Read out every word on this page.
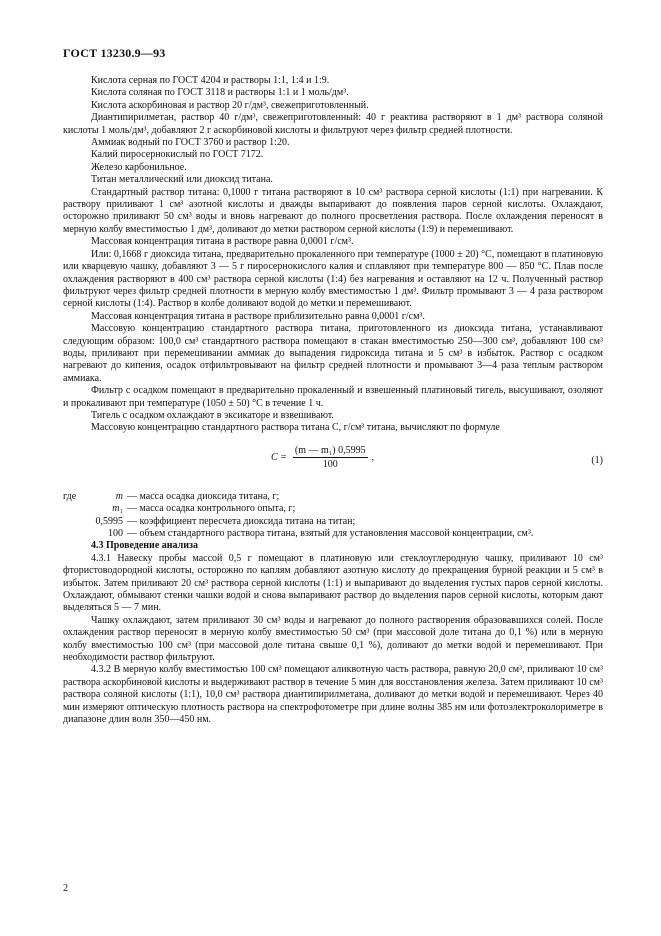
ГОСТ 13230.9—93

Кислота серная по ГОСТ 4204 и растворы 1:1, 1:4 и 1:9.

Кислота соляная по ГОСТ 3118 и растворы 1:1 и 1 моль/дм³.

Кислота аскорбиновая и раствор 20 г/дм³, свежеприготовленный.

Диантипирилметан, раствор 40 г/дм³, свежеприготовленный: 40 г реактива растворяют в 1 дм³ раствора соляной кислоты 1 моль/дм³, добавляют 2 г аскорбиновой кислоты и фильтруют через фильтр средней плотности.

Аммиак водный по ГОСТ 3760 и раствор 1:20.

Калий пиросернокислый по ГОСТ 7172.

Железо карбонильное.

Титан металлический или диоксид титана.

Стандартный раствор титана: 0,1000 г титана растворяют в 10 см³ раствора серной кислоты (1:1) при нагревании. К раствору приливают 1 см³ азотной кислоты и дважды выпаривают до появления паров серной кислоты. Охлаждают, осторожно приливают 50 см³ воды и вновь нагревают до полного просветления раствора. После охлаждения переносят в мерную колбу вместимостью 1 дм³, доливают до метки раствором серной кислоты (1:9) и перемешивают.

Массовая концентрация титана в растворе равна 0,0001 г/см³.

Или: 0,1668 г диоксида титана, предварительно прокаленного при температуре (1000 ± 20) °С, помещают в платиновую или кварцевую чашку, добавляют 3 — 5 г пиросернокислого калия и сплавляют при температуре 800 — 850 °С. Плав после охлаждения растворяют в 400 см³ раствора серной кислоты (1:4) без нагревания и оставляют на 12 ч. Полученный раствор фильтруют через фильтр средней плотности в мерную колбу вместимостью 1 дм³. Фильтр промывают 3 — 4 раза раствором серной кислоты (1:4). Раствор в колбе доливают водой до метки и перемешивают.

Массовая концентрация титана в растворе приблизительно равна 0,0001 г/см³.

Массовую концентрацию стандартного раствора титана, приготовленного из диоксида титана, устанавливают следующим образом: 100,0 см³ стандартного раствора помещают в стакан вместимостью 250—300 см³, добавляют 100 см³ воды, приливают при перемешивании аммиак до выпадения гидроксида титана и 5 см³ в избыток. Раствор с осадком нагревают до кипения, осадок отфильтровывают на фильтр средней плотности и промывают 3—4 раза теплым раствором аммиака.

Фильтр с осадком помещают в предварительно прокаленный и взвешенный платиновый тигель, высушивают, озоляют и прокаливают при температуре (1050 ± 50) °С в течение 1 ч.

Тигель с осадком охлаждают в эксикаторе и взвешивают.

Массовую концентрацию стандартного раствора титана C, г/см³ титана, вычисляют по формуле

$C = \frac{\text{(m — m₁) 0,5995}}{100}$ ,	(1)
где	m — масса осадка диоксида титана, г;
m₁ — масса осадка контрольного опыта, г;
0,5995 — коэффициент пересчета диоксида титана на титан;
100 — объем стандартного раствора титана, взятый для установления массовой концентрации, см³.

4.3 Проведение анализа

4.3.1 Навеску пробы массой 0,5 г помещают в платиновую или стеклоуглеродную чашку, приливают 10 см³ фтористоводородной кислоты, осторожно по каплям добавляют азотную кислоту до прекращения бурной реакции и 5 см³ в избыток. Затем приливают 20 см³ раствора серной кислоты (1:1) и выпаривают до выделения густых паров серной кислоты. Охлаждают, обмывают стенки чашки водой и снова выпаривают раствор до выделения паров серной кислоты, которым дают выделяться 5 — 7 мин.

Чашку охлаждают, затем приливают 30 см³ воды и нагревают до полного растворения образовавшихся солей. После охлаждения раствор переносят в мерную колбу вместимостью 50 см³ (при массовой доле титана до 0,1 %) или в мерную колбу вместимостью 100 см³ (при массовой доле титана свыше 0,1 %), доливают до метки водой и перемешивают. При необходимости раствор фильтруют.

4.3.2 В мерную колбу вместимостью 100 см³ помещают аликвотную часть раствора, равную 20,0 см³, приливают 10 см³ раствора аскорбиновой кислоты и выдерживают раствор в течение 5 мин для восстановления железа. Затем приливают 10 см³ раствора соляной кислоты (1:1), 10,0 см³ раствора диантипирилметана, доливают до метки водой и перемешивают. Через 40 мин измеряют оптическую плотность раствора на спектрофотометре при длине волны 385 нм или фотоэлектроколориметре в диапазоне длин волн 350—450 нм.

2
